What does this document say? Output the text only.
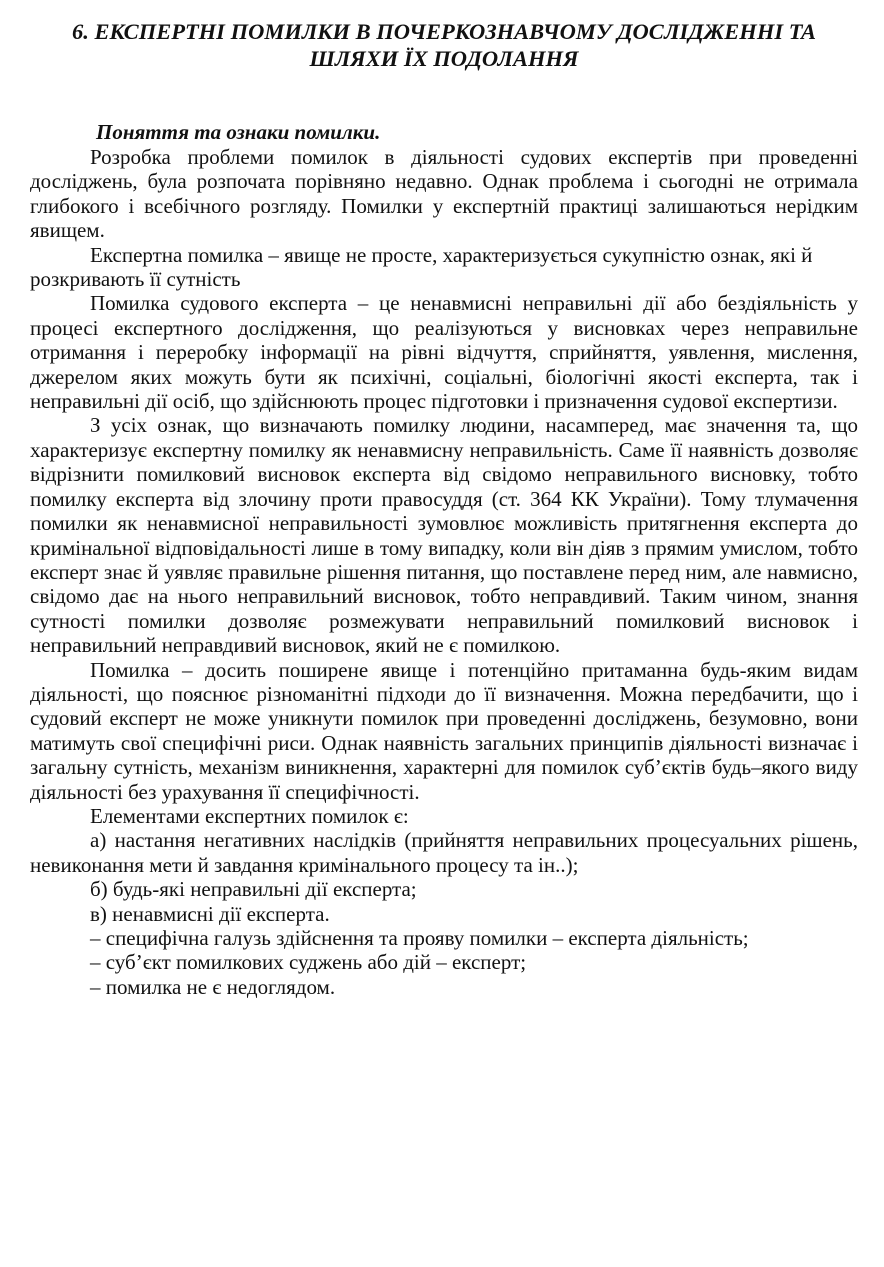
6. ЕКСПЕРТНІ ПОМИЛКИ В ПОЧЕРКОЗНАВЧОМУ ДОСЛІДЖЕННІ ТА
ШЛЯХИ ЇХ ПОДОЛАННЯ
Поняття та ознаки помилки.

Розробка проблеми помилок в діяльності судових експертів при проведенні досліджень, була розпочата порівняно недавно. Однак проблема і сьогодні не отримала глибокого і всебічного розгляду. Помилки у експертній практиці залишаються нерідким явищем.

Експертна помилка – явище не просте, характеризується сукупністю ознак, які й розкривають її сутність

Помилка судового експерта – це ненавмисні неправильні дії або бездіяльність у процесі експертного дослідження, що реалізуються у висновках через неправильне отримання і переробку інформації на рівні відчуття, сприйняття, уявлення, мислення, джерелом яких можуть бути як психічні, соціальні, біологічні якості експерта, так і неправильні дії осіб, що здійснюють процес підготовки і призначення судової експертизи.

З усіх ознак, що визначають помилку людини, насамперед, має значення та, що характеризує експертну помилку як ненавмисну неправильність. Саме її наявність дозволяє відрізнити помилковий висновок експерта від свідомо неправильного висновку, тобто помилку експерта від злочину проти правосуддя (ст. 364 КК України). Тому тлумачення помилки як ненавмисної неправильності зумовлює можливість притягнення експерта до кримінальної відповідальності лише в тому випадку, коли він діяв з прямим умислом, тобто експерт знає й уявляє правильне рішення питання, що поставлене перед ним, але навмисно, свідомо дає на нього неправильний висновок, тобто неправдивий. Таким чином, знання сутності помилки дозволяє розмежувати неправильний помилковий висновок і неправильний неправдивий висновок, який не є помилкою.

Помилка – досить поширене явище і потенційно притаманна будь-яким видам діяльності, що пояснює різноманітні підходи до її визначення. Можна передбачити, що і судовий експерт не може уникнути помилок при проведенні досліджень, безумовно, вони матимуть свої специфічні риси. Однак наявність загальних принципів діяльності визначає і загальну сутність, механізм виникнення, характерні для помилок суб’єктів будь–якого виду діяльності без урахування її специфічності.

Елементами експертних помилок є:

а) настання негативних наслідків (прийняття неправильних процесуальних рішень, невиконання мети й завдання кримінального процесу та ін..);

б) будь-які неправильні дії експерта;

в) ненавмисні дії експерта.

– специфічна галузь здійснення та прояву помилки – експерта діяльність;

– суб’єкт помилкових суджень або дій – експерт;

– помилка не є недоглядом.
